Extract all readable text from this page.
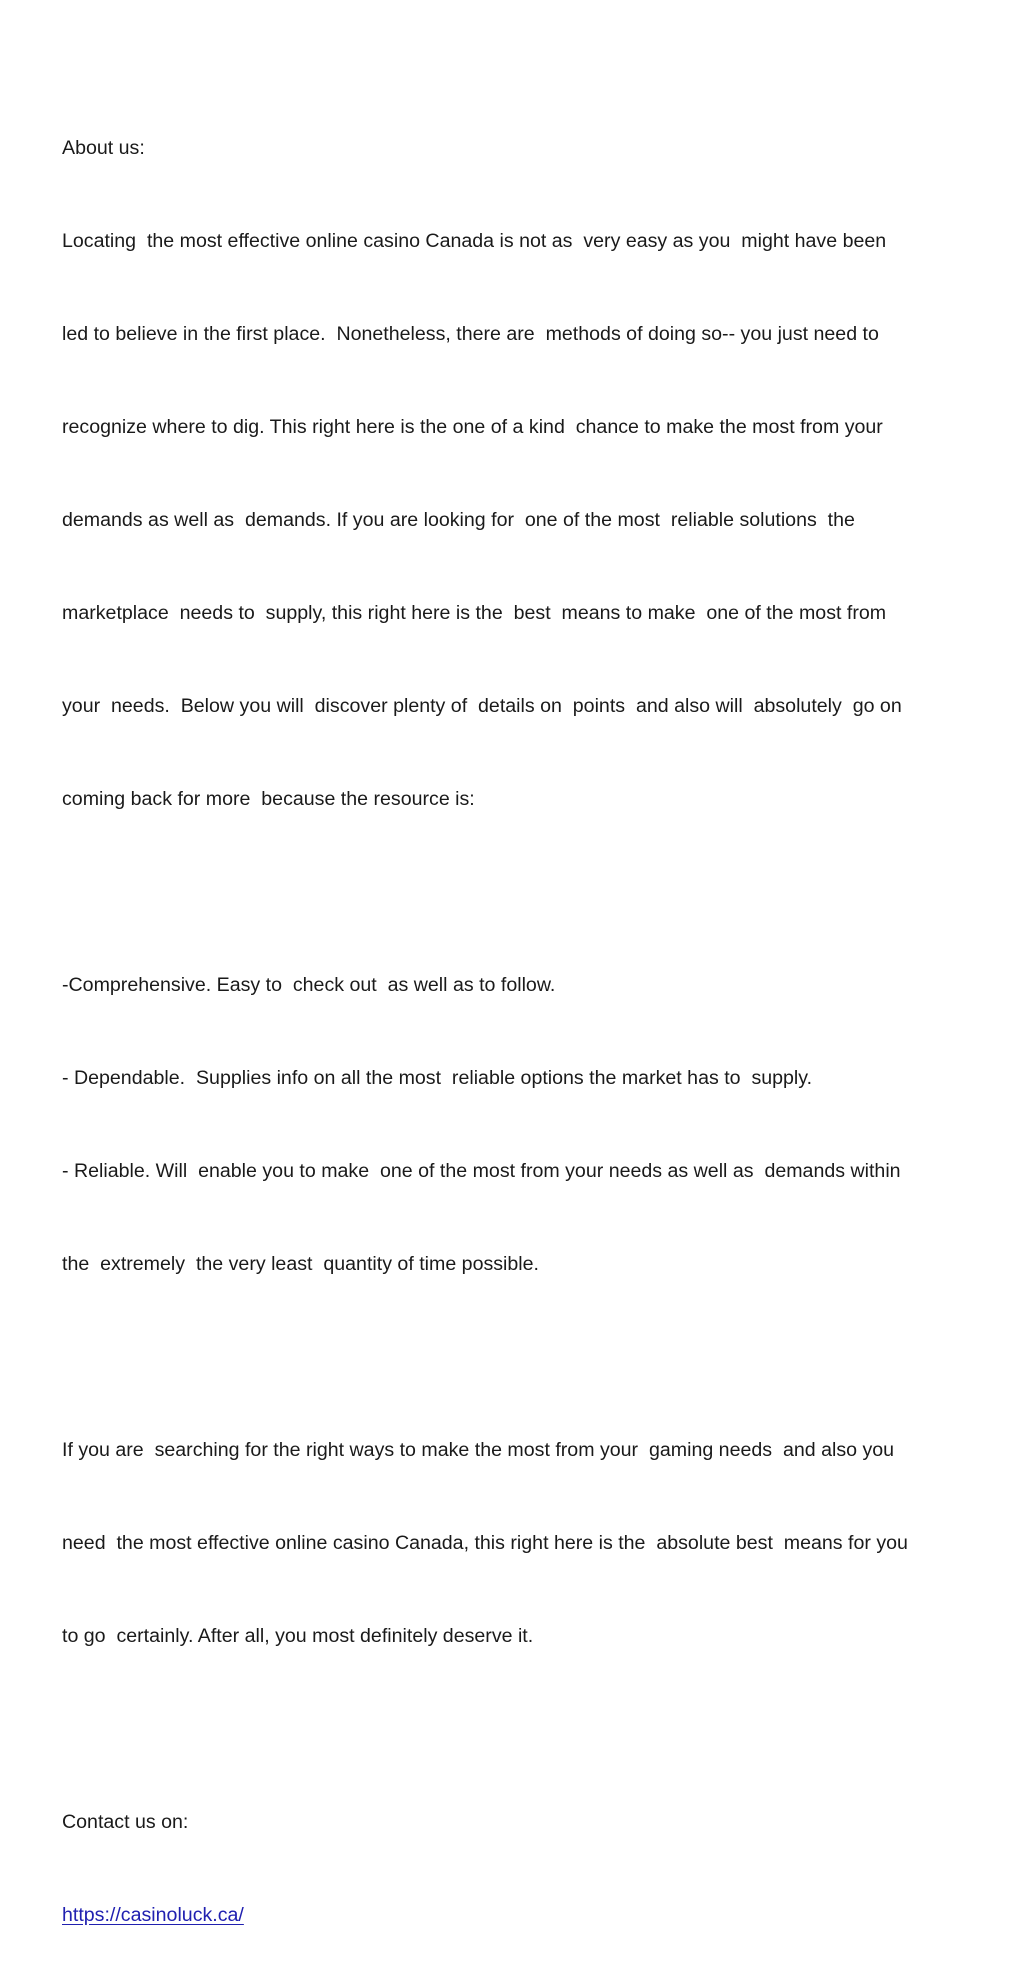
About us:

Locating  the most effective online casino Canada is not as  very easy as you  might have been

led to believe in the first place.  Nonetheless, there are  methods of doing so-- you just need to

recognize where to dig. This right here is the one of a kind  chance to make the most from your

demands as well as  demands. If you are looking for  one of the most  reliable solutions  the

marketplace  needs to  supply, this right here is the  best  means to make  one of the most from

your  needs.  Below you will  discover plenty of  details on  points  and also will  absolutely  go on

coming back for more  because the resource is:

-Comprehensive. Easy to  check out  as well as to follow.

- Dependable.  Supplies info on all the most  reliable options the market has to  supply.

- Reliable. Will  enable you to make  one of the most from your needs as well as  demands within

the  extremely  the very least  quantity of time possible.

If you are  searching for the right ways to make the most from your  gaming needs  and also you

need  the most effective online casino Canada, this right here is the  absolute best  means for you

to go  certainly. After all, you most definitely deserve it.

Contact us on:

https://casinoluck.ca/
